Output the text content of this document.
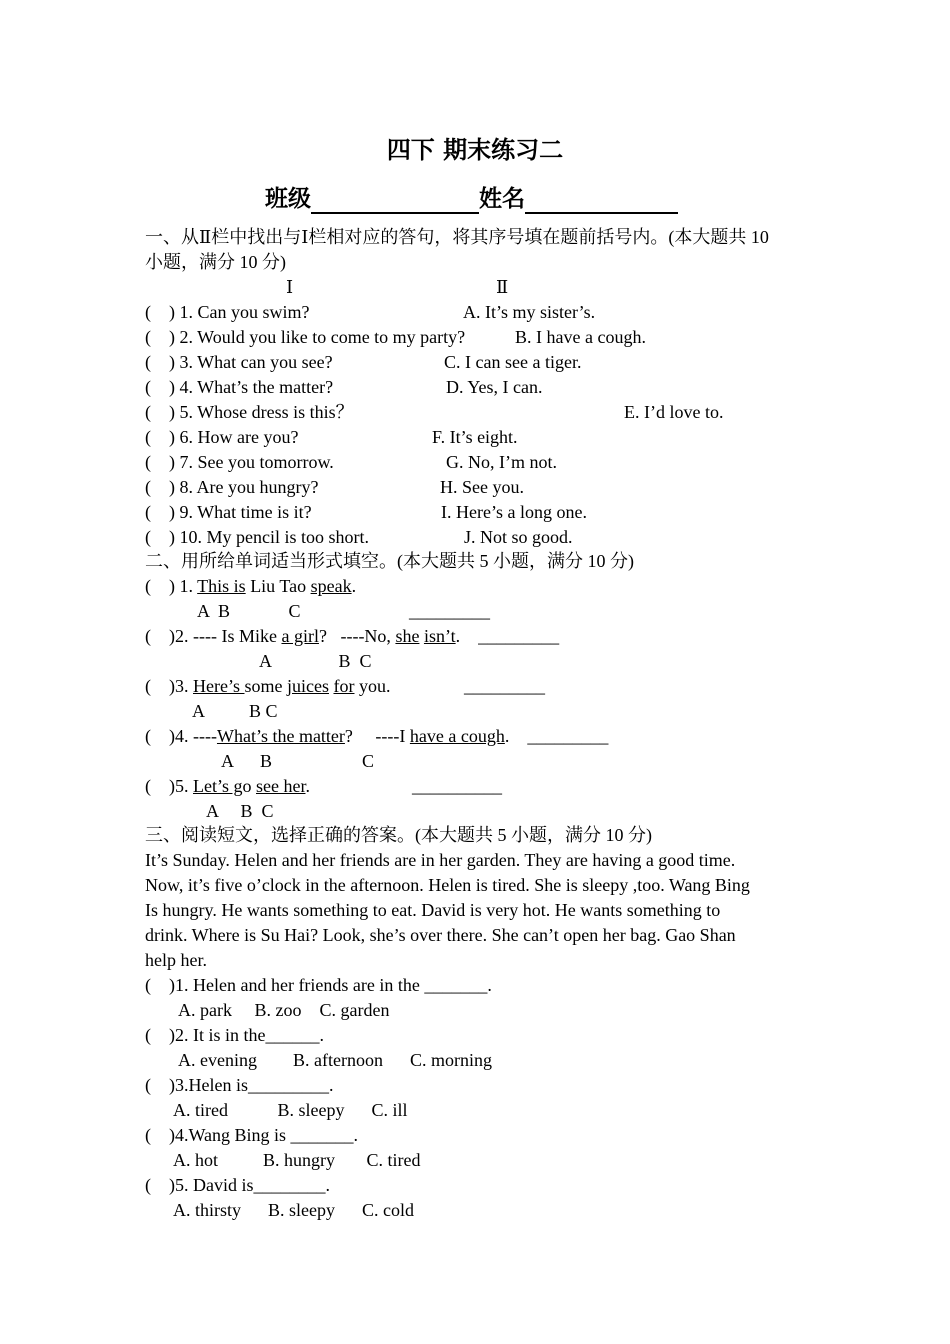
四下 期末练习二
班级	姓名
一、从Ⅱ栏中找出与Ⅰ栏相对应的答句，将其序号填在题前括号内。(本大题共 10
小题，满分 10 分)
Ⅰ	Ⅱ
(    ) 1. Can you swim?	A. It’s my sister’s.
(    ) 2. Would you like to come to my party?	B. I have a cough.
(    ) 3. What can you see?	C. I can see a tiger.
(    ) 4. What’s the matter?	D. Yes, I can.
(    ) 5. Whose dress is this？	E. I’d love to.
(    ) 6. How are you?	F. It’s eight.
(    ) 7. See you tomorrow.	G. No, I’m not.
(    ) 8. Are you hungry?	H. See you.
(    ) 9. What time is it?	I. Here’s a long one.
(    ) 10. My pencil is too short.	J. Not so good.
二、用所给单词适当形式填空。(本大题共 5 小题，满分 10 分)
(    ) 1. This is Liu Tao speak.
A  B             C	_________
(    )2. ---- Is Mike a girl?   ----No, she isn’t.    _________
A               B  C
(    )3. Here’s some juices for you.	_________
A          B C
(    )4. ----What’s the matter?     ----I have a cough.    _________
A      B                    C
(    )5. Let’s go see her.	__________
A     B  C
三、阅读短文，选择正确的答案。(本大题共 5 小题，满分 10 分)
It’s Sunday. Helen and her friends are in her garden. They are having a good time.
Now, it’s five o’clock in the afternoon. Helen is tired. She is sleepy ,too. Wang Bing
Is hungry. He wants something to eat. David is very hot. He wants something to
drink. Where is Su Hai? Look, she’s over there. She can’t open her bag. Gao Shan
help her.
(    )1. Helen and her friends are in the _______.
A. park     B. zoo    C. garden
(    )2. It is in the______.
A. evening        B. afternoon      C. morning
(    )3.Helen is_________.
A. tired           B. sleepy      C. ill
(    )4.Wang Bing is _______.
A. hot          B. hungry       C. tired
(    )5. David is________.
A. thirsty      B. sleepy      C. cold
